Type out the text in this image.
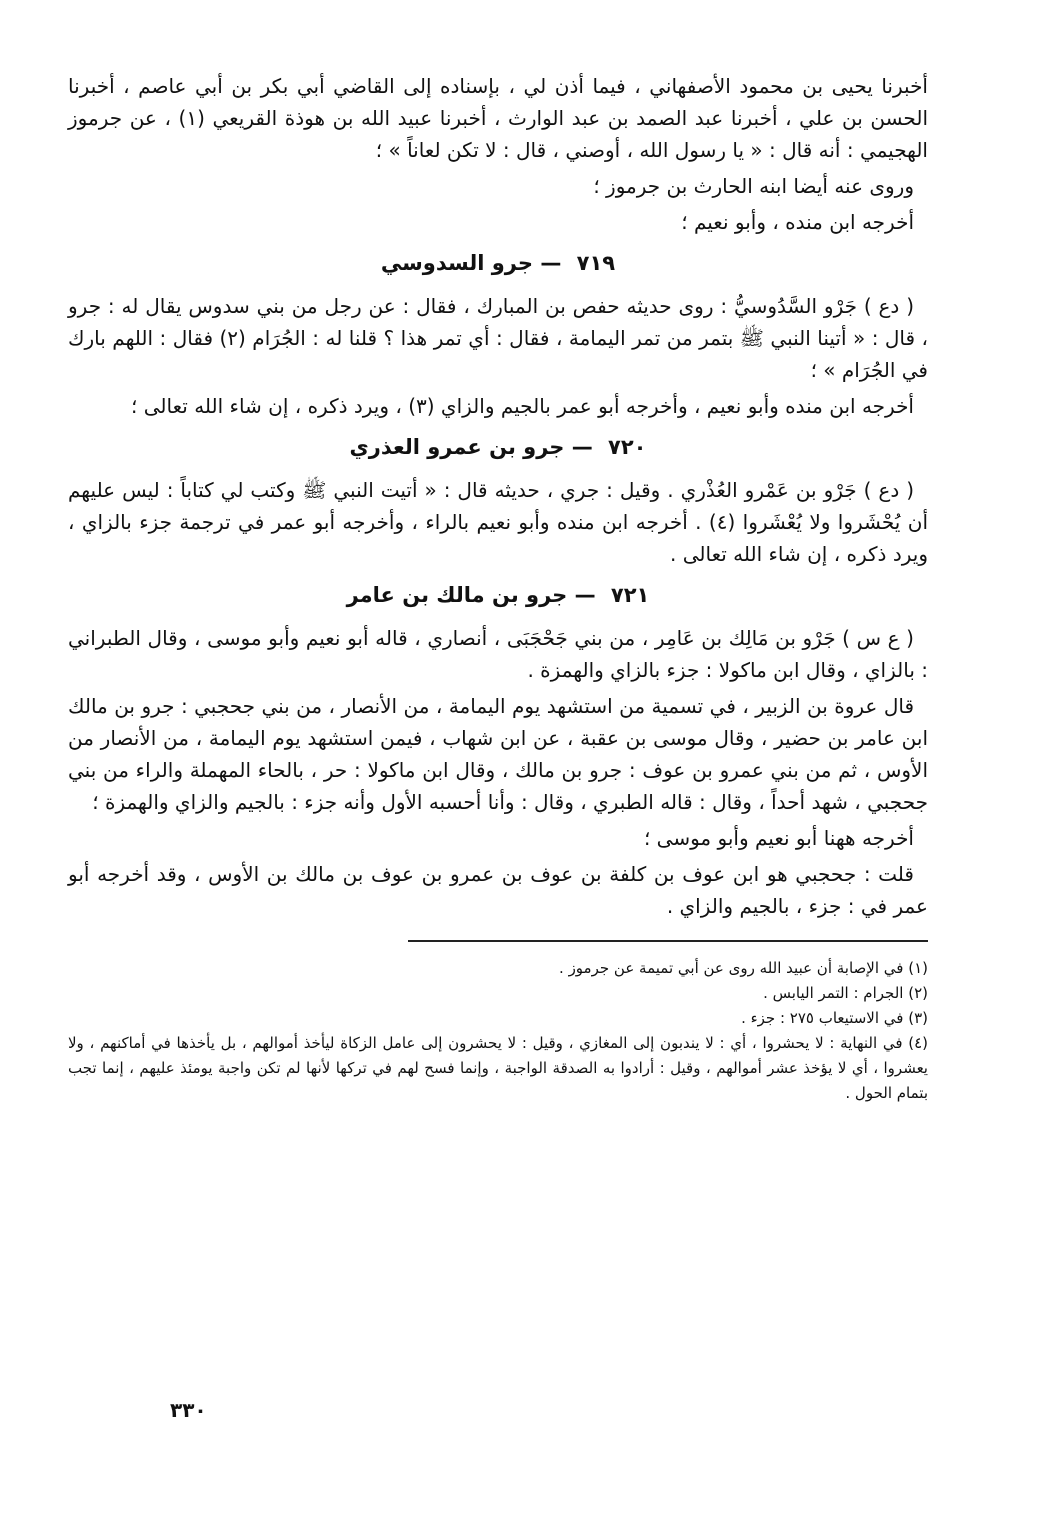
أخبرنا يحيى بن محمود الأصفهاني ، فيما أذن لي ، بإسناده إلى القاضي أبي بكر بن أبي عاصم ، أخبرنا الحسن بن علي ، أخبرنا عبد الصمد بن عبد الوارث ، أخبرنا عبيد الله بن هوذة القريعي (١) ، عن جرموز الهجيمي : أنه قال : « يا رسول الله ، أوصني ، قال : لا تكن لعاناً » ؛

وروى عنه أيضا ابنه الحارث بن جرموز ؛

أخرجه ابن منده ، وأبو نعيم ؛

٧١٩ — جرو السدوسي

( دع ) جَرْو السَّدُوسيُّ : روى حديثه حفص بن المبارك ، فقال : عن رجل من بني سدوس يقال له : جرو ، قال : « أتينا النبي ﷺ بتمر من تمر اليمامة ، فقال : أي تمر هذا ؟ قلنا له : الجُرَام (٢) فقال : اللهم بارك في الجُرَام » ؛

أخرجه ابن منده وأبو نعيم ، وأخرجه أبو عمر بالجيم والزاي (٣) ، ويرد ذكره ، إن شاء الله تعالى ؛

٧٢٠ — جرو بن عمرو العذري

( دع ) جَرْو بن عَمْرو العُذْري . وقيل : جري ، حديثه قال : « أتيت النبي ﷺ وكتب لي كتاباً : ليس عليهم أن يُحْشَروا ولا يُعْشَروا (٤) . أخرجه ابن منده وأبو نعيم بالراء ، وأخرجه أبو عمر في ترجمة جزء بالزاي ، ويرد ذكره ، إن شاء الله تعالى .

٧٢١ — جرو بن مالك بن عامر

( ع س ) جَرْو بن مَالِك بن عَامِر ، من بني جَحْجَبَى ، أنصاري ، قاله أبو نعيم وأبو موسى ، وقال الطبراني : بالزاي ، وقال ابن ماكولا : جزء بالزاي والهمزة .

قال عروة بن الزبير ، في تسمية من استشهد يوم اليمامة ، من الأنصار ، من بني جحجبي : جرو بن مالك ابن عامر بن حضير ، وقال موسى بن عقبة ، عن ابن شهاب ، فيمن استشهد يوم اليمامة ، من الأنصار من الأوس ، ثم من بني عمرو بن عوف : جرو بن مالك ، وقال ابن ماكولا : حر ، بالحاء المهملة والراء من بني جحجبي ، شهد أحداً ، وقال : قاله الطبري ، وقال : وأنا أحسبه الأول وأنه جزء : بالجيم والزاي والهمزة ؛

أخرجه ههنا أبو نعيم وأبو موسى ؛

قلت : جحجبي هو ابن عوف بن كلفة بن عوف بن عمرو بن عوف بن مالك بن الأوس ، وقد أخرجه أبو عمر في : جزء ، بالجيم والزاي .

(١) في الإصابة أن عبيد الله روى عن أبي تميمة عن جرموز .

(٢) الجرام : التمر اليابس .

(٣) في الاستيعاب ٢٧٥ : جزء .

(٤) في النهاية : لا يحشروا ، أي : لا يندبون إلى المغازي ، وقيل : لا يحشرون إلى عامل الزكاة ليأخذ أموالهم ، بل يأخذها في أماكنهم ، ولا يعشروا ، أي لا يؤخذ عشر أموالهم ، وقيل : أرادوا به الصدقة الواجبة ، وإنما فسح لهم في تركها لأنها لم تكن واجبة يومئذ عليهم ، إنما تجب بتمام الحول .

٣٣٠
